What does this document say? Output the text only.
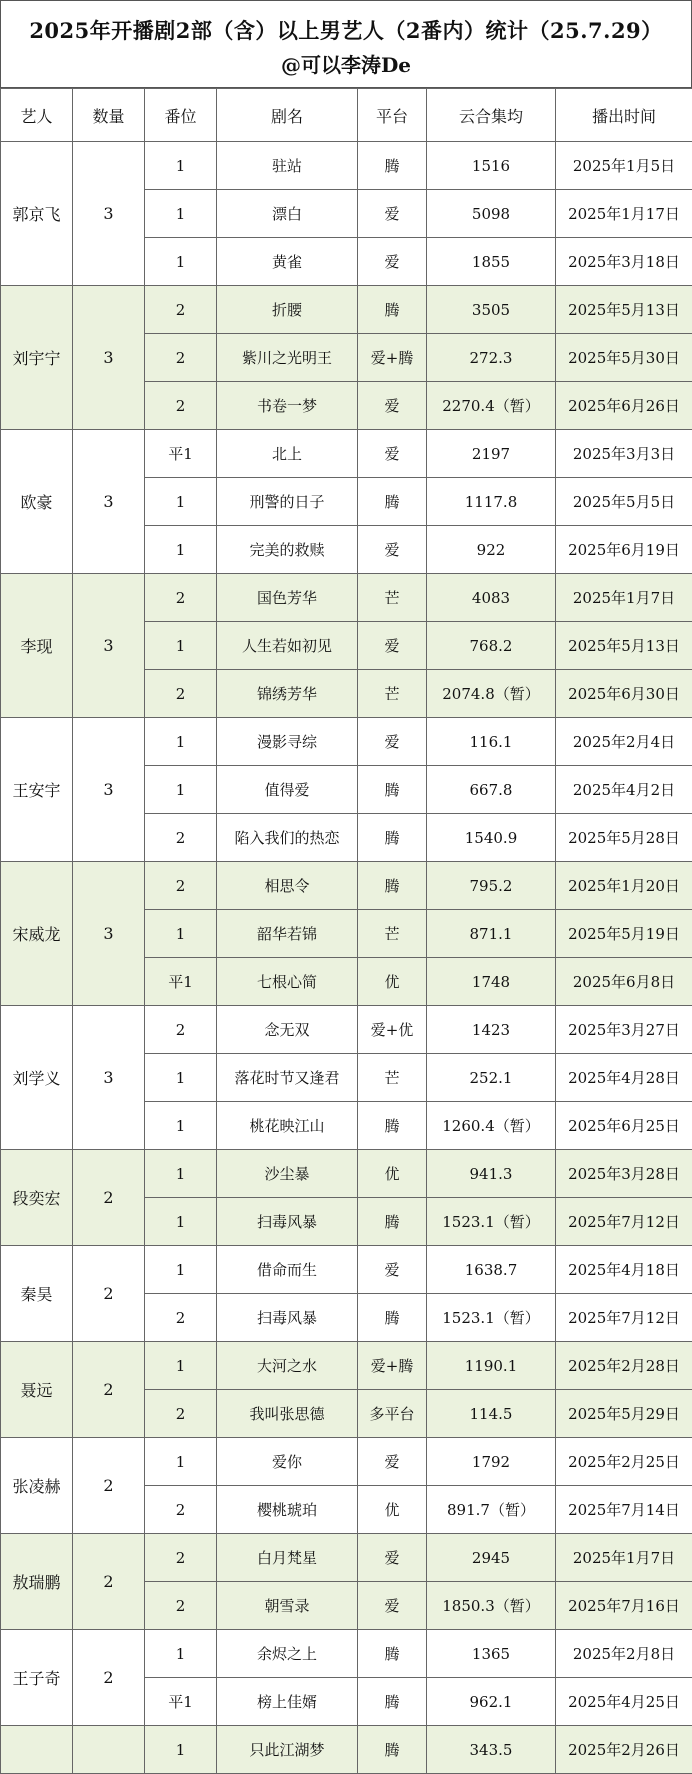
2025年开播剧2部（含）以上男艺人（2番内）统计（25.7.29）
@可以李涛De
艺人	数量	番位	剧名	平台	云合集均	播出时间
郭京飞	3	1	驻站	腾	1516	2025年1月5日
		1	漂白	爱	5098	2025年1月17日
		1	黄雀	爱	1855	2025年3月18日
刘宇宁	3	2	折腰	腾	3505	2025年5月13日
		2	紫川之光明王	爱+腾	272.3	2025年5月30日
		2	书卷一梦	爱	2270.4（暂）	2025年6月26日
欧豪	3	平1	北上	爱	2197	2025年3月3日
		1	刑警的日子	腾	1117.8	2025年5月5日
		1	完美的救赎	爱	922	2025年6月19日
李现	3	2	国色芳华	芒	4083	2025年1月7日
		1	人生若如初见	爱	768.2	2025年5月13日
		2	锦绣芳华	芒	2074.8（暂）	2025年6月30日
王安宇	3	1	漫影寻综	爱	116.1	2025年2月4日
		1	值得爱	腾	667.8	2025年4月2日
		2	陷入我们的热恋	腾	1540.9	2025年5月28日
宋威龙	3	2	相思令	腾	795.2	2025年1月20日
		1	韶华若锦	芒	871.1	2025年5月19日
		平1	七根心简	优	1748	2025年6月8日
刘学义	3	2	念无双	爱+优	1423	2025年3月27日
		1	落花时节又逢君	芒	252.1	2025年4月28日
		1	桃花映江山	腾	1260.4（暂）	2025年6月25日
段奕宏	2	1	沙尘暴	优	941.3	2025年3月28日
		1	扫毒风暴	腾	1523.1（暂）	2025年7月12日
秦昊	2	1	借命而生	爱	1638.7	2025年4月18日
		2	扫毒风暴	腾	1523.1（暂）	2025年7月12日
聂远	2	1	大河之水	爱+腾	1190.1	2025年2月28日
		2	我叫张思德	多平台	114.5	2025年5月29日
张凌赫	2	1	爱你	爱	1792	2025年2月25日
		2	樱桃琥珀	优	891.7（暂）	2025年7月14日
敖瑞鹏	2	2	白月梵星	爱	2945	2025年1月7日
		2	朝雪录	爱	1850.3（暂）	2025年7月16日
王子奇	2	1	余烬之上	腾	1365	2025年2月8日
		平1	榜上佳婿	腾	962.1	2025年4月25日
		1	只此江湖梦	腾	343.5	2025年2月26日
